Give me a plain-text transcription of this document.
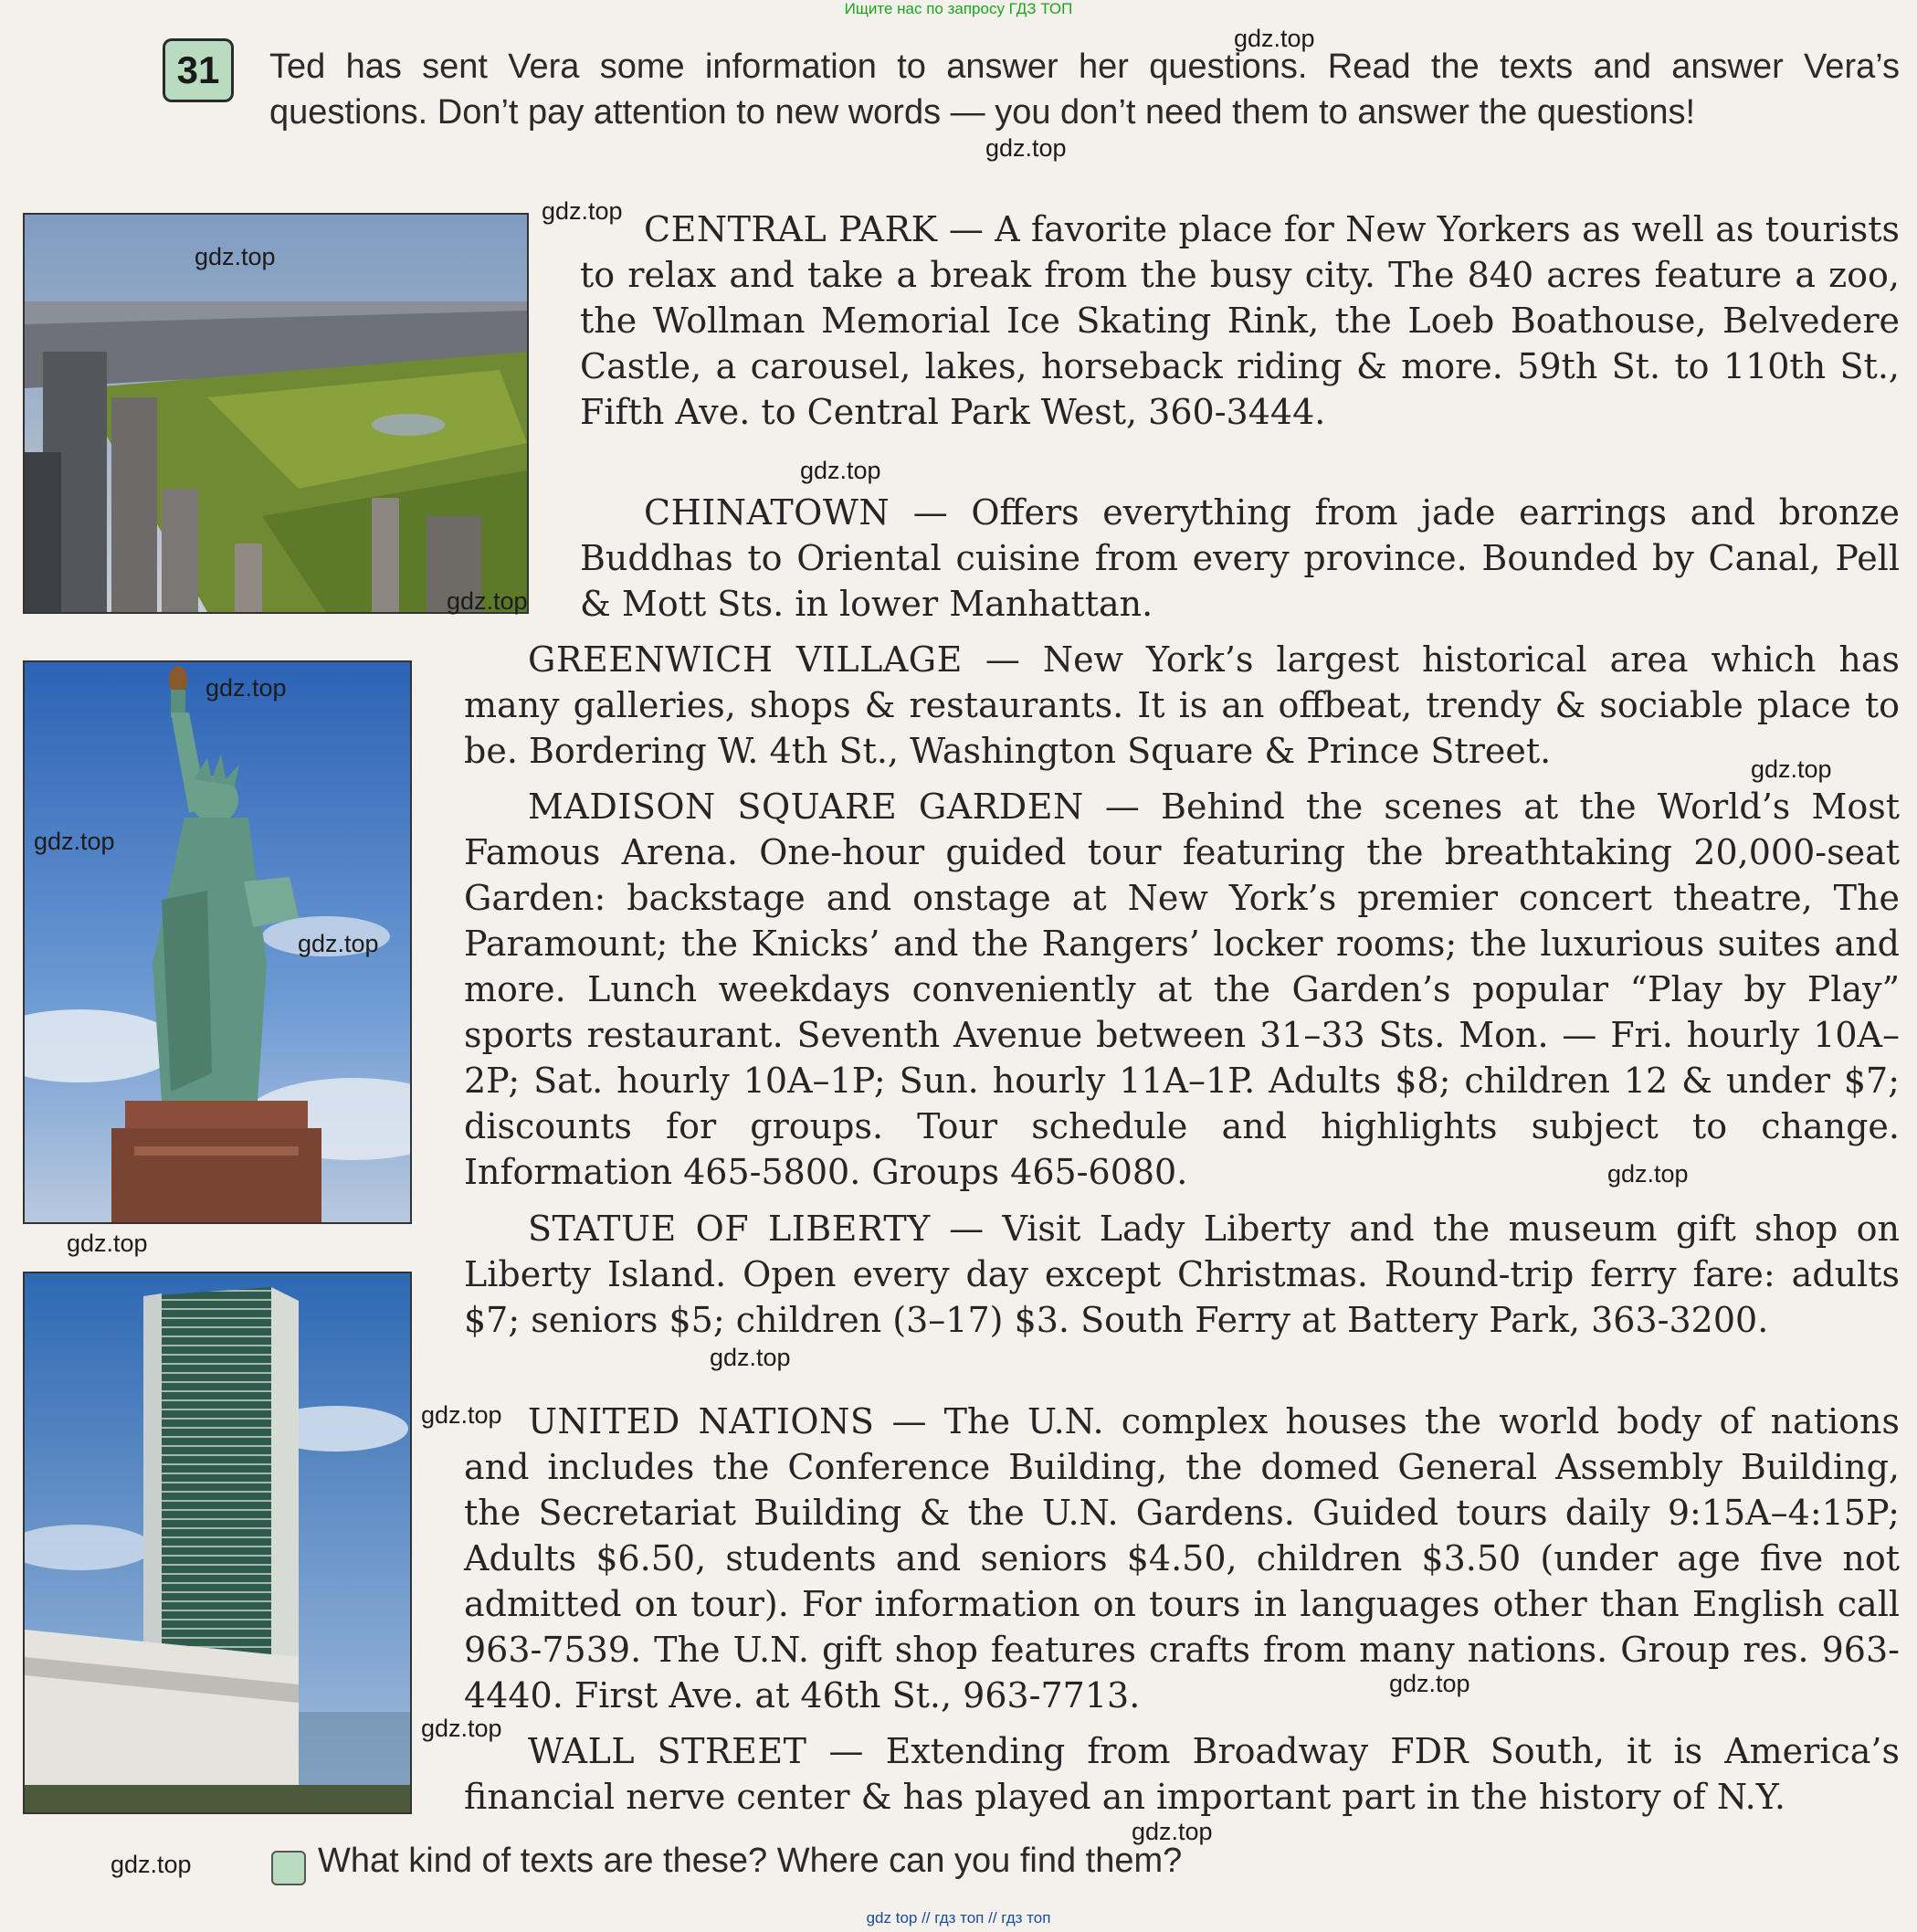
Ищите нас по запросу ГДЗ ТОП
31	Ted has sent Vera some information to answer her questions. Read the texts and answer Vera’s questions. Don’t pay attention to new words — you don’t need them to answer the questions!
CENTRAL PARK — A favorite place for New Yorkers as well as tourists to relax and take a break from the busy city. The 840 acres feature a zoo, the Wollman Memorial Ice Skating Rink, the Loeb Boathouse, Belvedere Castle, a carousel, lakes, horseback riding & more. 59th St. to 110th St., Fifth Ave. to Central Park West, 360-3444.
CHINATOWN — Offers everything from jade earrings and bronze Buddhas to Oriental cuisine from every province. Bounded by Canal, Pell & Mott Sts. in lower Manhattan.
GREENWICH VILLAGE — New York’s largest historical area which has many galleries, shops & restaurants. It is an offbeat, trendy & sociable place to be. Bordering W. 4th St., Washington Square & Prince Street.
MADISON SQUARE GARDEN — Behind the scenes at the World’s Most Famous Arena. One-hour guided tour featuring the breathtaking 20,000-seat Garden: backstage and onstage at New York’s premier concert theatre, The Paramount; the Knicks’ and the Rangers’ locker rooms; the luxurious suites and more. Lunch weekdays conveniently at the Garden’s popular “Play by Play” sports restaurant. Seventh Avenue between 31–33 Sts. Mon. — Fri. hourly 10A–2P; Sat. hourly 10A–1P; Sun. hourly 11A–1P. Adults $8; children 12 & under $7; discounts for groups. Tour schedule and highlights subject to change. Information 465-5800. Groups 465-6080.
STATUE OF LIBERTY — Visit Lady Liberty and the museum gift shop on Liberty Island. Open every day except Christmas. Round-trip ferry fare: adults $7; seniors $5; children (3–17) $3. South Ferry at Battery Park, 363-3200.
UNITED NATIONS — The U.N. complex houses the world body of nations and includes the Conference Building, the domed General Assembly Building, the Secretariat Building & the U.N. Gardens. Guided tours daily 9:15A–4:15P; Adults $6.50, students and seniors $4.50, children $3.50 (under age five not admitted on tour). For information on tours in languages other than English call 963-7539. The U.N. gift shop features crafts from many nations. Group res. 963-4440. First Ave. at 46th St., 963-7713.
WALL STREET — Extending from Broadway FDR South, it is America’s financial nerve center & has played an important part in the history of N.Y.
What kind of texts are these? Where can you find them?
gdz.top
gdz.top
gdz.top
gdz.top
gdz.top
gdz.top
gdz.top
gdz.top
gdz.top
gdz.top
gdz.top
gdz.top
gdz.top
gdz.top
gdz.top
gdz.top
gdz.top
gdz.top
gdz top // гдз топ // гдз топ
